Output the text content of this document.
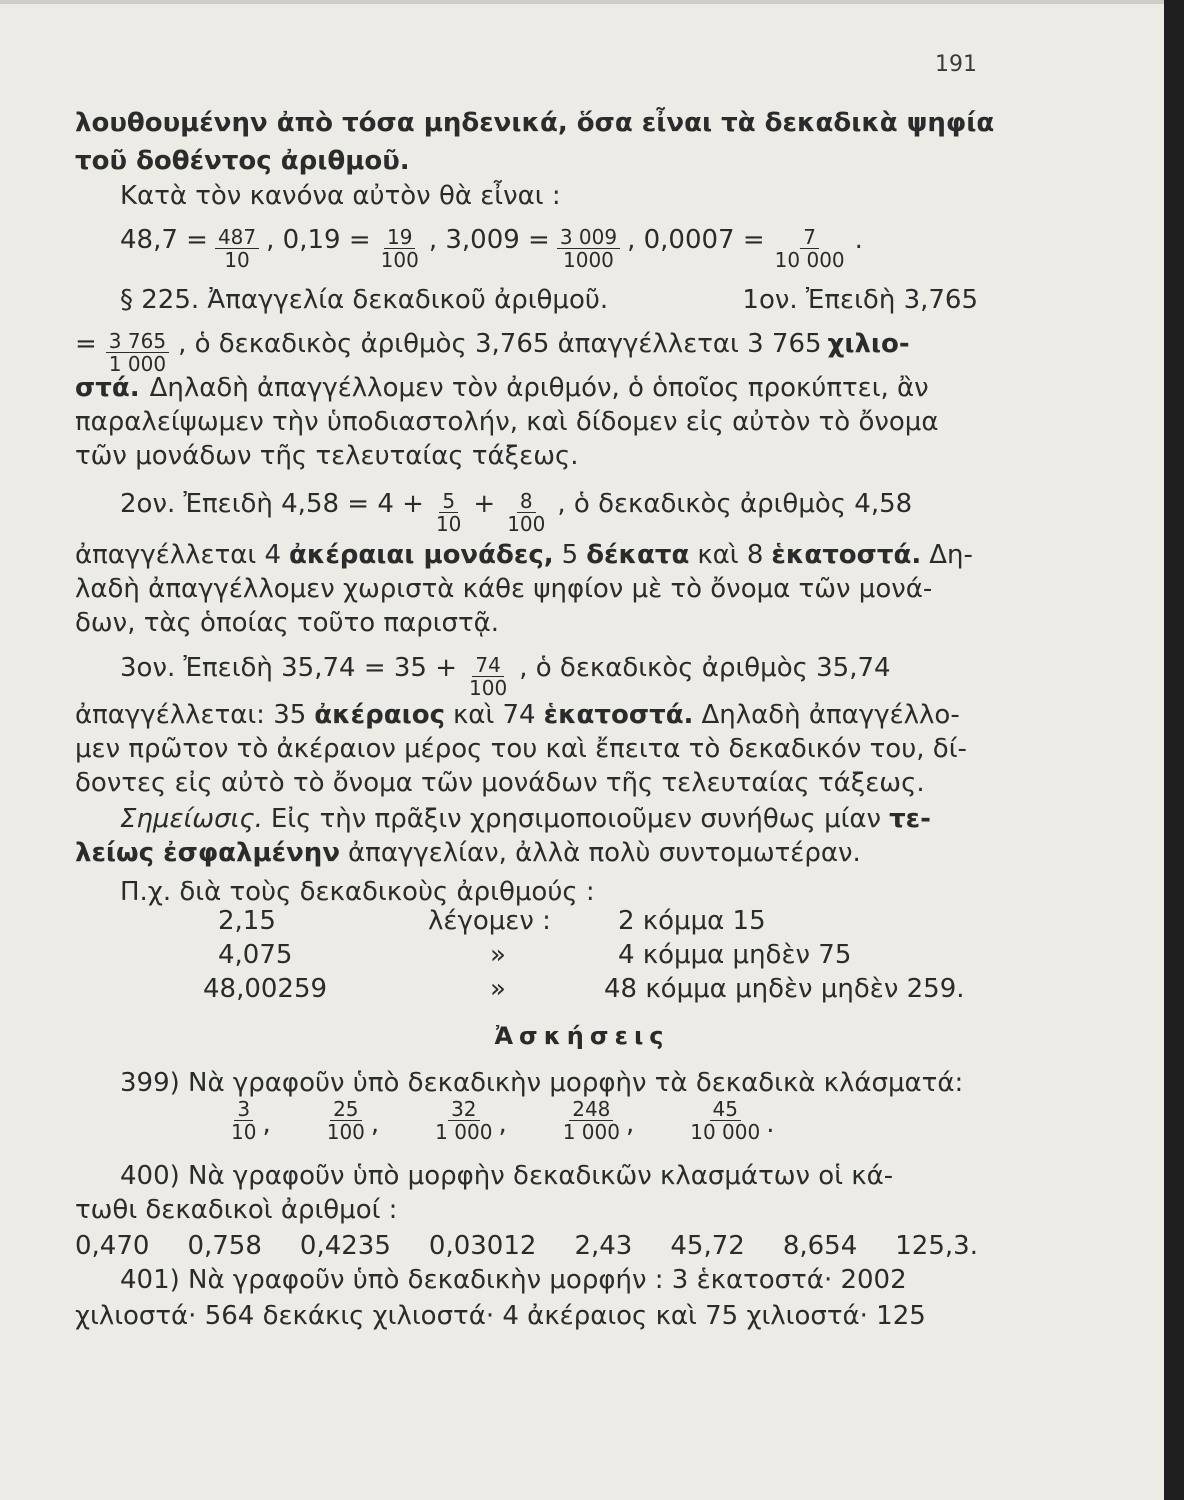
191
λουθουμένην ἀπὸ τόσα μηδενικά, ὅσα εἶναι τὰ δεκαδικὰ ψηφία
τοῦ δοθέντος ἀριθμοῦ.
Κατὰ τὸν κανόνα αὐτὸν θὰ εἶναι :
$48,7 = \frac{487}{10}$ , $0,19 = \frac{19}{100}$ , $3,009 = \frac{3 009}{1000}$ , $0,0007 = \frac{7}{10 000}$ .
§ 225. Ἀπαγγελία δεκαδικοῦ ἀριθμοῦ.	1ον. Ἐπειδὴ 3,765
= $\frac{3 765}{1 000}$ , ὁ δεκαδικὸς ἀριθμὸς 3,765 ἀπαγγέλλεται 3 765 χιλιο-
στά. Δηλαδὴ ἀπαγγέλλομεν τὸν ἀριθμόν, ὁ ὁποῖος προκύπτει, ἂν
παραλείψωμεν τὴν ὑποδιαστολήν, καὶ δίδομεν εἰς αὐτὸν τὸ ὄνομα
τῶν μονάδων τῆς τελευταίας τάξεως.
2ον. Ἐπειδὴ $4,58 = 4 + \frac{5}{10} + \frac{8}{100}$ , ὁ δεκαδικὸς ἀριθμὸς 4,58
ἀπαγγέλλεται 4 ἀκέραιαι μονάδες, 5 δέκατα καὶ 8 ἑκατοστά. Δη-
λαδὴ ἀπαγγέλλομεν χωριστὰ κάθε ψηφίον μὲ τὸ ὄνομα τῶν μονά-
δων, τὰς ὁποίας τοῦτο παριστᾷ.
3ον. Ἐπειδὴ $35,74 = 35 + \frac{74}{100}$ , ὁ δεκαδικὸς ἀριθμὸς 35,74
ἀπαγγέλλεται: 35 ἀκέραιος καὶ 74 ἑκατοστά. Δηλαδὴ ἀπαγγέλλο-
μεν πρῶτον τὸ ἀκέραιον μέρος του καὶ ἔπειτα τὸ δεκαδικόν του, δί-
δοντες εἰς αὐτὸ τὸ ὄνομα τῶν μονάδων τῆς τελευταίας τάξεως.
Σημείωσις. Εἰς τὴν πρᾶξιν χρησιμοποιοῦμεν συνήθως μίαν τε-
λείως ἐσφαλμένην ἀπαγγελίαν, ἀλλὰ πολὺ συντομωτέραν.
Π.χ. διὰ τοὺς δεκαδικοὺς ἀριθμούς :
2,15	λέγομεν :	2 κόμμα 15
4,075	»	4 κόμμα μηδὲν 75
48,00259	»	48 κόμμα μηδὲν μηδὲν 259.
Ἀσκήσεις
399) Νὰ γραφοῦν ὑπὸ δεκαδικὴν μορφὴν τὰ δεκαδικὰ κλάσματά:
$\frac{3}{10}$ ,	$\frac{25}{100}$ ,	$\frac{32}{1 000}$ ,	$\frac{248}{1 000}$ ,	$\frac{45}{10 000}$ .
400) Νὰ γραφοῦν ὑπὸ μορφὴν δεκαδικῶν κλασμάτων οἱ κά-
τωθι δεκαδικοὶ ἀριθμοί :
0,470 0,758 0,4235 0,03012 2,43 45,72 8,654 125,3.
401) Νὰ γραφοῦν ὑπὸ δεκαδικὴν μορφήν : 3 ἑκατοστά· 2002
χιλιοστά· 564 δεκάκις χιλιοστά· 4 ἀκέραιος καὶ 75 χιλιοστά· 125
